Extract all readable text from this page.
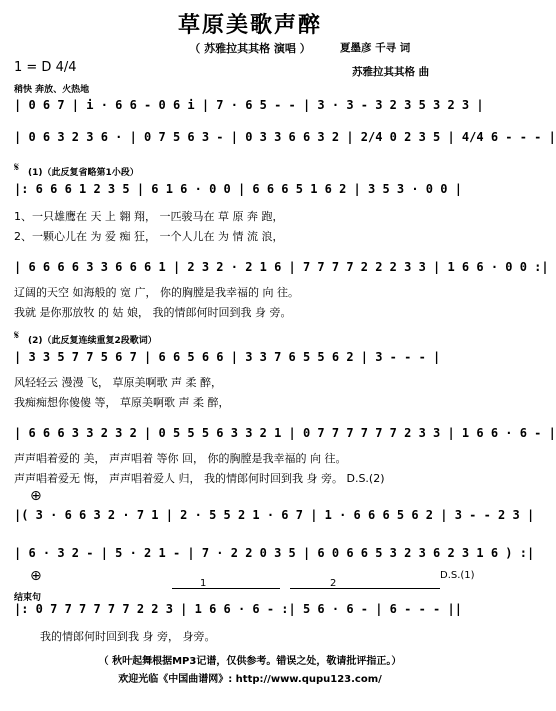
草原美歌声醉
（ 苏雅拉其其格 演唱 ）	夏墨彦 千寻 词
苏雅拉其其格 曲
1 = D 4/4
稍快 奔放、火热地
| 0 6 7 | i · 6 6 - 0 6 i | 7 · 6 5 - - | 3 · 3 - 3 2 3 5 3 2 3 |
| 0 6 3 2 3 6 · | 0 7 5 6 3 - | 0 3 3 6 6 3 2 | 2/4 0 2 3 5 | 4/4 6 - - - |
𝄋 (1)（此反复省略第1小段）
|: 6 6 6 1 2 3 5 | 6 1 6 · 0 0 | 6 6 6 5 1 6 2 | 3 5 3 · 0 0 |
1、一只雄鹰在 天 上 翱 翔， 一匹骏马在 草 原 奔 跑，
2、一颗心儿在 为 爱 痴 狂， 一个人儿在 为 情 流 浪，
| 6 6 6 6 3 3 6 6 6 1 | 2 3 2 · 2 1 6 | 7 7 7 7 2 2 2 3 3 | 1 6 6 · 0 0 :|
辽阔的天空 如海般的 宽 广， 你的胸膛是我幸福的 向 往。
我就 是你那放牧 的 姑 娘， 我的情郎何时回到我 身 旁。
𝄋 (2)（此反复连续重复2段歌词）
| 3 3 5 7 7 5 6 7 | 6 6 5 6 6 | 3 3 7 6 5 5 6 2 | 3 - - - |
风轻轻云 漫漫 飞， 草原美啊歌 声 柔 醉，
我痴痴想你傻傻 等， 草原美啊歌 声 柔 醉，
| 6 6 6 3 3 2 3 2 | 0 5 5 5 6 3 3 2 1 | 0 7 7 7 7 7 7 2 3 3 | 1 6 6 · 6 - |
声声唱着爱的 美， 声声唱着 等你 回， 你的胸膛是我幸福的 向 往。
声声唱着爱无 悔， 声声唱着爱人 归， 我的情郎何时回到我 身 旁。 D.S.(2)
⊕
|( 3 · 6 6 3 2 · 7 1 | 2 · 5 5 2 1 · 6 7 | 1 · 6 6 6 5 6 2 | 3 - - 2 3 |
| 6 · 3 2 - | 5 · 2 1 - | 7 · 2 2 0 3 5 | 6 0 6 6 5 3 2 3 6 2 3 1 6 ) :|
D.S.(1)
⊕
结束句
1	2
|: 0 7 7 7 7 7 7 2 2 3 | 1 6 6 · 6 - :| 5 6 · 6 - | 6 - - - ||
我的情郎何时回到我 身 旁， 身旁。
（ 秋叶起舞根据MP3记谱，仅供参考。错误之处，敬请批评指正。）
欢迎光临《中国曲谱网》: http://www.qupu123.com/
